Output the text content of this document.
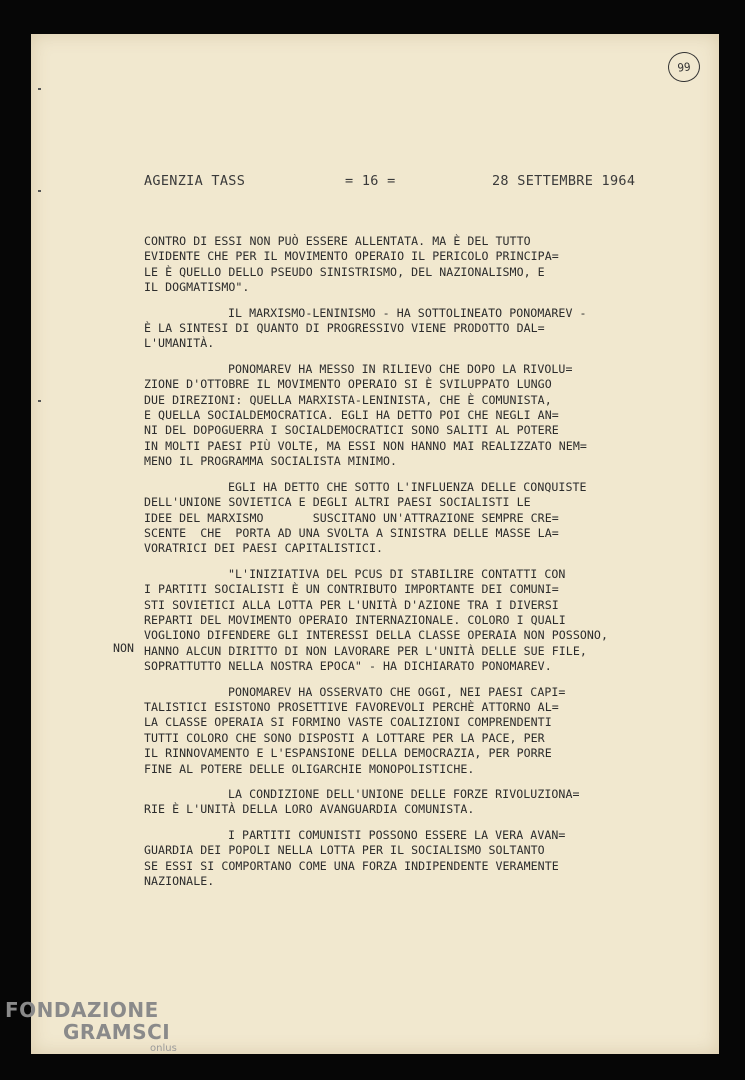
99
AGENZIA TASS	= 16 =	28 SETTEMBRE 1964
CONTRO DI ESSI NON PUÒ ESSERE ALLENTATA. MA È DEL TUTTO
EVIDENTE CHE PER IL MOVIMENTO OPERAIO IL PERICOLO PRINCIPA=
LE È QUELLO DELLO PSEUDO SINISTRISMO, DEL NAZIONALISMO, E
IL DOGMATISMO".
IL MARXISMO-LENINISMO - HA SOTTOLINEATO PONOMAREV -
È LA SINTESI DI QUANTO DI PROGRESSIVO VIENE PRODOTTO DAL=
L'UMANITÀ.
PONOMAREV HA MESSO IN RILIEVO CHE DOPO LA RIVOLU=
ZIONE D'OTTOBRE IL MOVIMENTO OPERAIO SI È SVILUPPATO LUNGO
DUE DIREZIONI: QUELLA MARXISTA-LENINISTA, CHE È COMUNISTA,
E QUELLA SOCIALDEMOCRATICA. EGLI HA DETTO POI CHE NEGLI AN=
NI DEL DOPOGUERRA I SOCIALDEMOCRATICI SONO SALITI AL POTERE
IN MOLTI PAESI PIÙ VOLTE, MA ESSI NON HANNO MAI REALIZZATO NEM=
MENO IL PROGRAMMA SOCIALISTA MINIMO.
EGLI HA DETTO CHE SOTTO L'INFLUENZA DELLE CONQUISTE
DELL'UNIONE SOVIETICA E DEGLI ALTRI PAESI SOCIALISTI LE
IDEE DEL MARXISMO       SUSCITANO UN'ATTRAZIONE SEMPRE CRE=
SCENTE  CHE  PORTA AD UNA SVOLTA A SINISTRA DELLE MASSE LA=
VORATRICI DEI PAESI CAPITALISTICI.
"L'INIZIATIVA DEL PCUS DI STABILIRE CONTATTI CON
I PARTITI SOCIALISTI È UN CONTRIBUTO IMPORTANTE DEI COMUNI=
STI SOVIETICI ALLA LOTTA PER L'UNITÀ D'AZIONE TRA I DIVERSI
REPARTI DEL MOVIMENTO OPERAIO INTERNAZIONALE. COLORO I QUALI
VOGLIONO DIFENDERE GLI INTERESSI DELLA CLASSE OPERAIA NON POSSONO,
HANNO ALCUN DIRITTO DI NON LAVORARE PER L'UNITÀ DELLE SUE FILE,
SOPRATTUTTO NELLA NOSTRA EPOCA" - HA DICHIARATO PONOMAREV.
PONOMAREV HA OSSERVATO CHE OGGI, NEI PAESI CAPI=
TALISTICI ESISTONO PROSETTIVE FAVOREVOLI PERCHÈ ATTORNO AL=
LA CLASSE OPERAIA SI FORMINO VASTE COALIZIONI COMPRENDENTI
TUTTI COLORO CHE SONO DISPOSTI A LOTTARE PER LA PACE, PER
IL RINNOVAMENTO E L'ESPANSIONE DELLA DEMOCRAZIA, PER PORRE
FINE AL POTERE DELLE OLIGARCHIE MONOPOLISTICHE.
LA CONDIZIONE DELL'UNIONE DELLE FORZE RIVOLUZIONA=
RIE È L'UNITÀ DELLA LORO AVANGUARDIA COMUNISTA.
I PARTITI COMUNISTI POSSONO ESSERE LA VERA AVAN=
GUARDIA DEI POPOLI NELLA LOTTA PER IL SOCIALISMO SOLTANTO
SE ESSI SI COMPORTANO COME UNA FORZA INDIPENDENTE VERAMENTE
NAZIONALE.
NON
FONDAZIONE
GRAMSCI
onlus
